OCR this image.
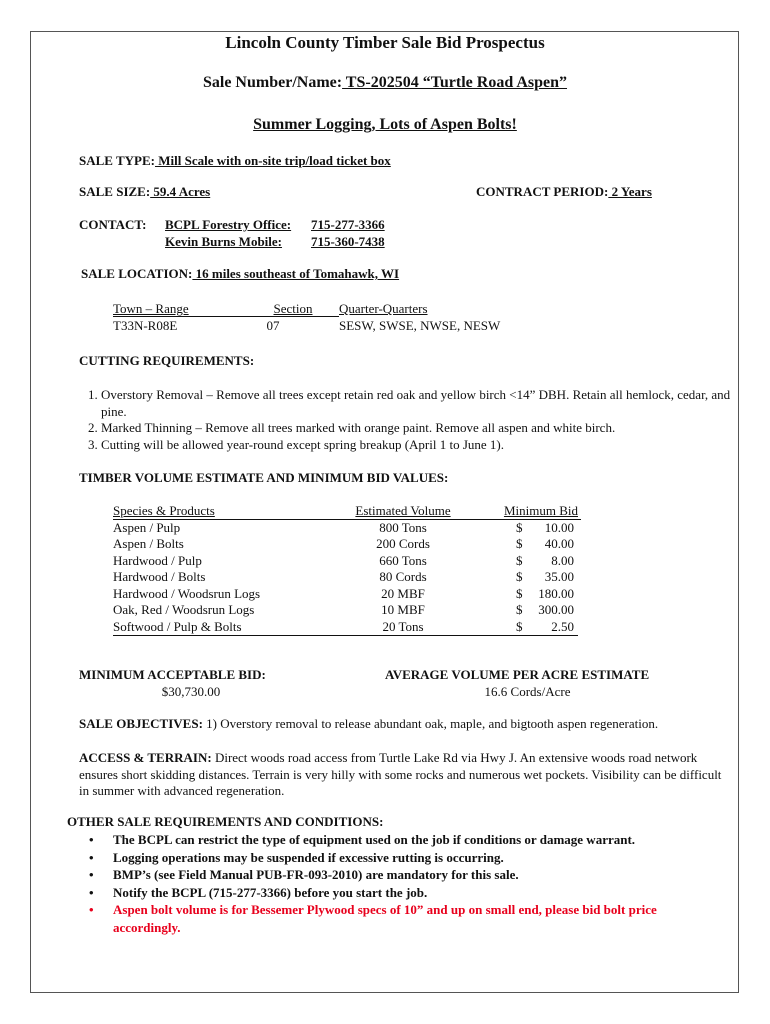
Lincoln County Timber Sale Bid Prospectus
Sale Number/Name: TS-202504 “Turtle Road Aspen”
Summer Logging, Lots of Aspen Bolts!
SALE TYPE: Mill Scale with on-site trip/load ticket box
SALE SIZE: 59.4 Acres	CONTRACT PERIOD: 2 Years
CONTACT: BCPL Forestry Office: 715-277-3366
Kevin Burns Mobile: 715-360-7438
SALE LOCATION: 16 miles southeast of Tomahawk, WI
Town – Range	Section	Quarter-Quarters
T33N-R08E	07	SESW, SWSE, NWSE, NESW
CUTTING REQUIREMENTS:
1. Overstory Removal – Remove all trees except retain red oak and yellow birch <14” DBH. Retain all hemlock, cedar, and pine.
2. Marked Thinning – Remove all trees marked with orange paint. Remove all aspen and white birch.
3. Cutting will be allowed year-round except spring breakup (April 1 to June 1).
TIMBER VOLUME ESTIMATE AND MINIMUM BID VALUES:
Species & Products	Estimated Volume	Minimum Bid
Aspen / Pulp	800 Tons	$ 10.00
Aspen / Bolts	200 Cords	$ 40.00
Hardwood / Pulp	660 Tons	$ 8.00
Hardwood / Bolts	80 Cords	$ 35.00
Hardwood / Woodsrun Logs	20 MBF	$ 180.00
Oak, Red / Woodsrun Logs	10 MBF	$ 300.00
Softwood / Pulp & Bolts	20 Tons	$ 2.50
MINIMUM ACCEPTABLE BID:
$30,730.00
AVERAGE VOLUME PER ACRE ESTIMATE
16.6 Cords/Acre
SALE OBJECTIVES: 1) Overstory removal to release abundant oak, maple, and bigtooth aspen regeneration.
ACCESS & TERRAIN: Direct woods road access from Turtle Lake Rd via Hwy J. An extensive woods road network ensures short skidding distances. Terrain is very hilly with some rocks and numerous wet pockets. Visibility can be difficult in summer with advanced regeneration.
OTHER SALE REQUIREMENTS AND CONDITIONS:
• The BCPL can restrict the type of equipment used on the job if conditions or damage warrant.
• Logging operations may be suspended if excessive rutting is occurring.
• BMP’s (see Field Manual PUB-FR-093-2010) are mandatory for this sale.
• Notify the BCPL (715-277-3366) before you start the job.
• Aspen bolt volume is for Bessemer Plywood specs of 10” and up on small end, please bid bolt price accordingly.
